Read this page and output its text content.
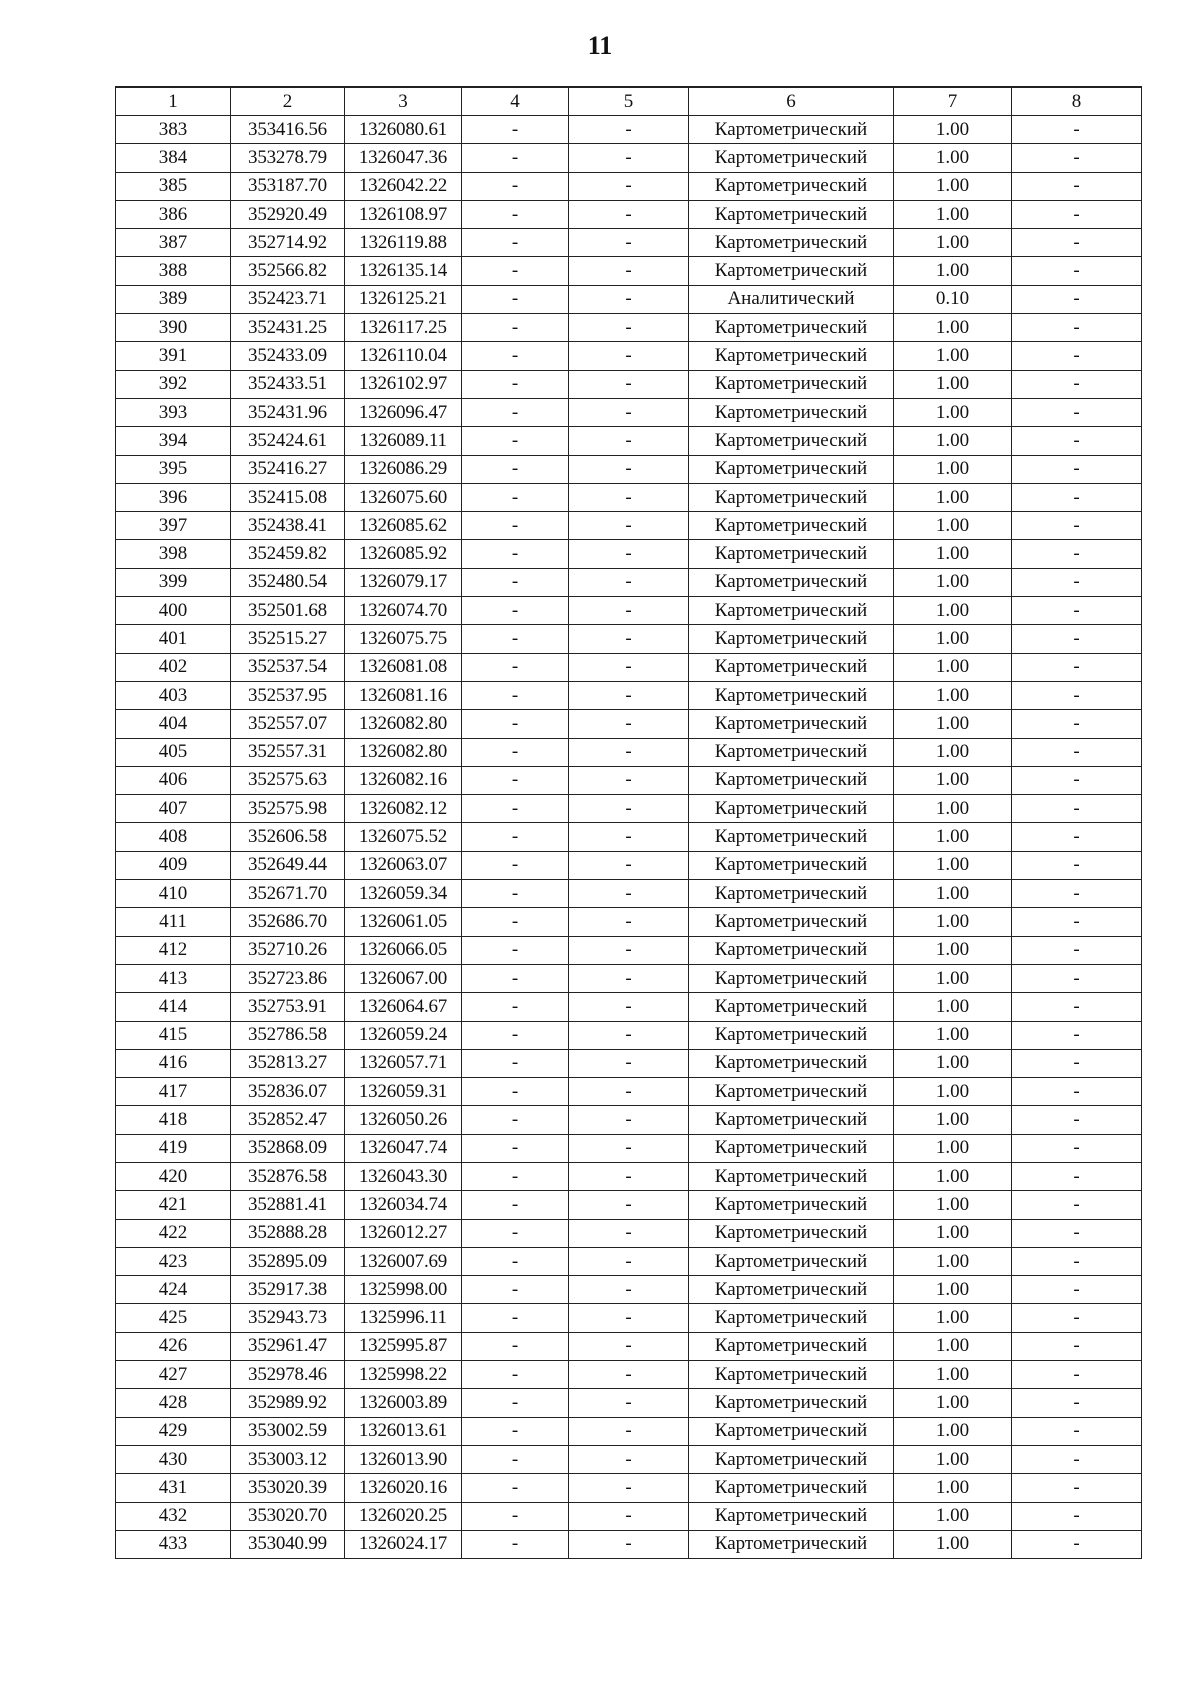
11
1	2	3	4	5	6	7	8
383	353416.56	1326080.61	-	-	Картометрический	1.00	-
384	353278.79	1326047.36	-	-	Картометрический	1.00	-
385	353187.70	1326042.22	-	-	Картометрический	1.00	-
386	352920.49	1326108.97	-	-	Картометрический	1.00	-
387	352714.92	1326119.88	-	-	Картометрический	1.00	-
388	352566.82	1326135.14	-	-	Картометрический	1.00	-
389	352423.71	1326125.21	-	-	Аналитический	0.10	-
390	352431.25	1326117.25	-	-	Картометрический	1.00	-
391	352433.09	1326110.04	-	-	Картометрический	1.00	-
392	352433.51	1326102.97	-	-	Картометрический	1.00	-
393	352431.96	1326096.47	-	-	Картометрический	1.00	-
394	352424.61	1326089.11	-	-	Картометрический	1.00	-
395	352416.27	1326086.29	-	-	Картометрический	1.00	-
396	352415.08	1326075.60	-	-	Картометрический	1.00	-
397	352438.41	1326085.62	-	-	Картометрический	1.00	-
398	352459.82	1326085.92	-	-	Картометрический	1.00	-
399	352480.54	1326079.17	-	-	Картометрический	1.00	-
400	352501.68	1326074.70	-	-	Картометрический	1.00	-
401	352515.27	1326075.75	-	-	Картометрический	1.00	-
402	352537.54	1326081.08	-	-	Картометрический	1.00	-
403	352537.95	1326081.16	-	-	Картометрический	1.00	-
404	352557.07	1326082.80	-	-	Картометрический	1.00	-
405	352557.31	1326082.80	-	-	Картометрический	1.00	-
406	352575.63	1326082.16	-	-	Картометрический	1.00	-
407	352575.98	1326082.12	-	-	Картометрический	1.00	-
408	352606.58	1326075.52	-	-	Картометрический	1.00	-
409	352649.44	1326063.07	-	-	Картометрический	1.00	-
410	352671.70	1326059.34	-	-	Картометрический	1.00	-
411	352686.70	1326061.05	-	-	Картометрический	1.00	-
412	352710.26	1326066.05	-	-	Картометрический	1.00	-
413	352723.86	1326067.00	-	-	Картометрический	1.00	-
414	352753.91	1326064.67	-	-	Картометрический	1.00	-
415	352786.58	1326059.24	-	-	Картометрический	1.00	-
416	352813.27	1326057.71	-	-	Картометрический	1.00	-
417	352836.07	1326059.31	-	-	Картометрический	1.00	-
418	352852.47	1326050.26	-	-	Картометрический	1.00	-
419	352868.09	1326047.74	-	-	Картометрический	1.00	-
420	352876.58	1326043.30	-	-	Картометрический	1.00	-
421	352881.41	1326034.74	-	-	Картометрический	1.00	-
422	352888.28	1326012.27	-	-	Картометрический	1.00	-
423	352895.09	1326007.69	-	-	Картометрический	1.00	-
424	352917.38	1325998.00	-	-	Картометрический	1.00	-
425	352943.73	1325996.11	-	-	Картометрический	1.00	-
426	352961.47	1325995.87	-	-	Картометрический	1.00	-
427	352978.46	1325998.22	-	-	Картометрический	1.00	-
428	352989.92	1326003.89	-	-	Картометрический	1.00	-
429	353002.59	1326013.61	-	-	Картометрический	1.00	-
430	353003.12	1326013.90	-	-	Картометрический	1.00	-
431	353020.39	1326020.16	-	-	Картометрический	1.00	-
432	353020.70	1326020.25	-	-	Картометрический	1.00	-
433	353040.99	1326024.17	-	-	Картометрический	1.00	-
